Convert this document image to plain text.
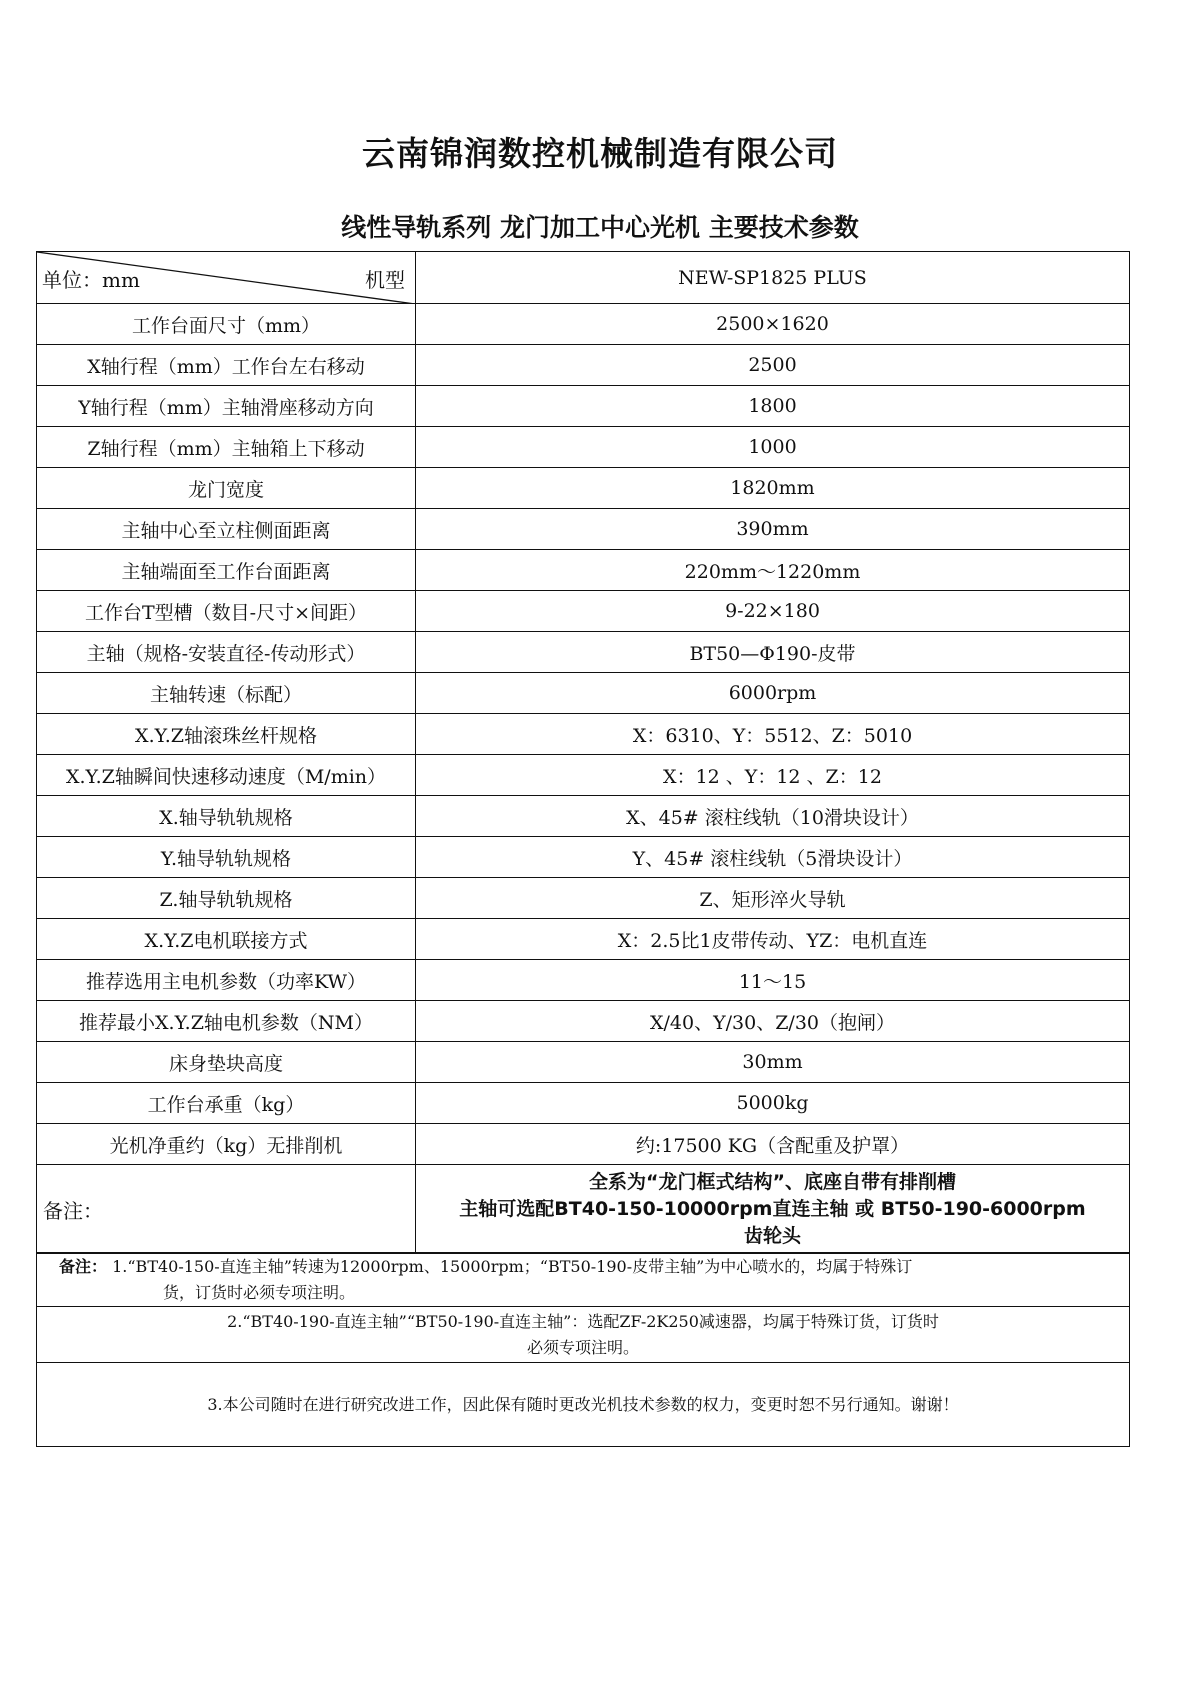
云南锦润数控机械制造有限公司
线性导轨系列 龙门加工中心光机 主要技术参数
单位：mm 机型	NEW-SP1825 PLUS
工作台面尺寸（mm）	2500×1620
X轴行程（mm）工作台左右移动	2500
Y轴行程（mm）主轴滑座移动方向	1800
Z轴行程（mm）主轴箱上下移动	1000
龙门宽度	1820mm
主轴中心至立柱侧面距离	390mm
主轴端面至工作台面距离	220mm～1220mm
工作台T型槽（数目-尺寸×间距）	9-22×180
主轴（规格-安装直径-传动形式）	BT50—Φ190-皮带
主轴转速（标配）	6000rpm
X.Y.Z轴滚珠丝杆规格	X：6310、Y：5512、Z：5010
X.Y.Z轴瞬间快速移动速度（M/min）	X：12 、Y：12 、Z：12
X.轴导轨轨规格	X、45# 滚柱线轨（10滑块设计）
Y.轴导轨轨规格	Y、45# 滚柱线轨（5滑块设计）
Z.轴导轨轨规格	Z、矩形淬火导轨
X.Y.Z电机联接方式	X：2.5比1皮带传动、YZ：电机直连
推荐选用主电机参数（功率KW）	11～15
推荐最小X.Y.Z轴电机参数（NM）	X/40、Y/30、Z/30（抱闸）
床身垫块高度	30mm
工作台承重（kg）	5000kg
光机净重约（kg）无排削机	约:17500 KG（含配重及护罩）
备注：	全系为“龙门框式结构”、底座自带有排削槽
主轴可选配BT40-150-10000rpm直连主轴 或 BT50-190-6000rpm
齿轮头
备注： 1.“BT40-150-直连主轴”转速为12000rpm、15000rpm；“BT50-190-皮带主轴”为中心喷水的，均属于特殊订
货，订货时必须专项注明。

2.“BT40-190-直连主轴”“BT50-190-直连主轴”：选配ZF-2K250减速器，均属于特殊订货，订货时
必须专项注明。

3.本公司随时在进行研究改进工作，因此保有随时更改光机技术参数的权力，变更时恕不另行通知。谢谢！
